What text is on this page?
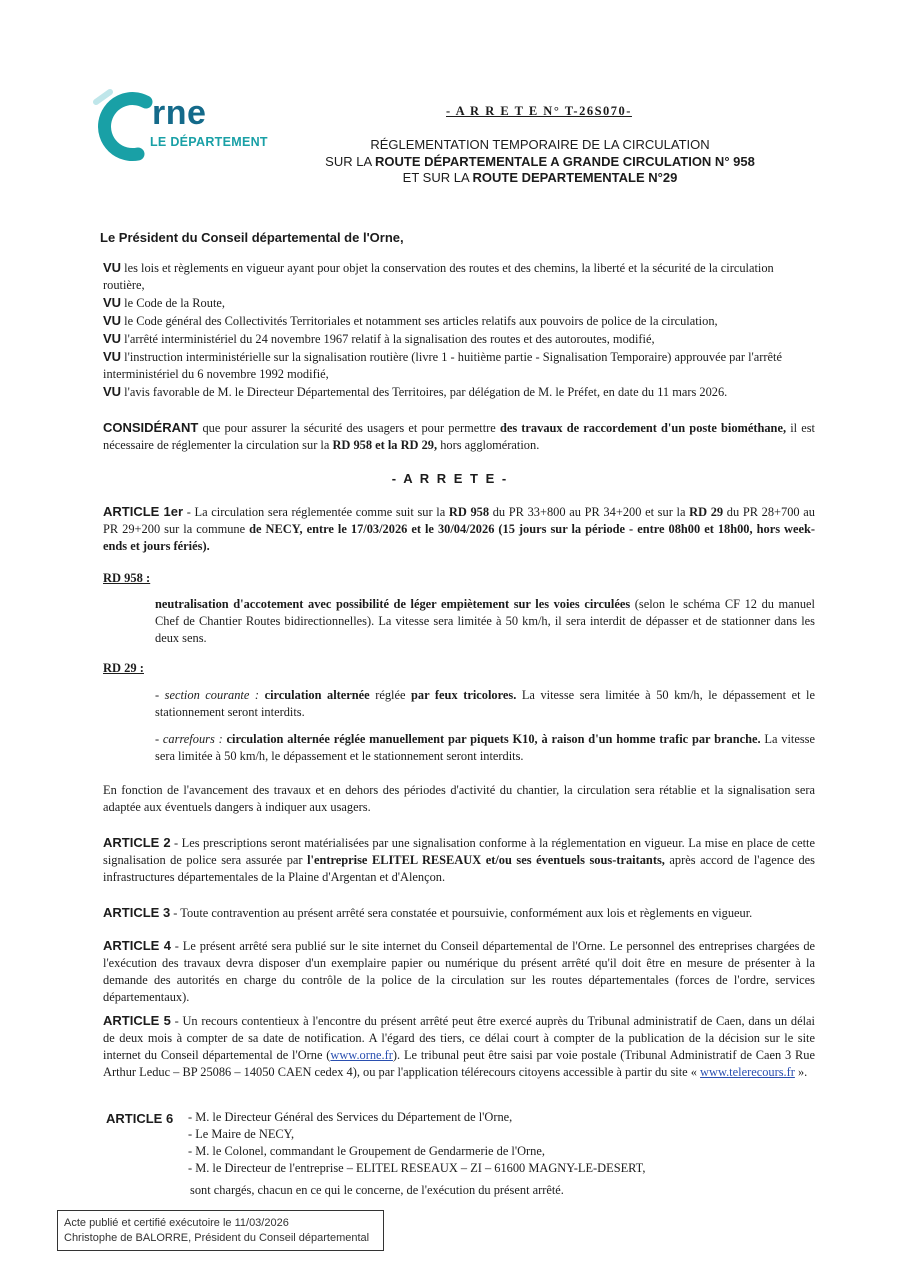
rne
LE DÉPARTEMENT
- A R R E T E N° T-26S070-
RÉGLEMENTATION TEMPORAIRE DE LA CIRCULATION
SUR LA ROUTE DÉPARTEMENTALE A GRANDE CIRCULATION N° 958
ET SUR LA ROUTE DEPARTEMENTALE N°29
Le Président du Conseil départemental de l'Orne,

VU les lois et règlements en vigueur ayant pour objet la conservation des routes et des chemins, la liberté et la sécurité de la circulation routière,

VU le Code de la Route,

VU le Code général des Collectivités Territoriales et notamment ses articles relatifs aux pouvoirs de police de la circulation,

VU l'arrêté interministériel du 24 novembre 1967 relatif à la signalisation des routes et des autoroutes, modifié,

VU l'instruction interministérielle sur la signalisation routière (livre 1 - huitième partie - Signalisation Temporaire) approuvée par l'arrêté interministériel du 6 novembre 1992 modifié,

VU l'avis favorable de M. le Directeur Départemental des Territoires, par délégation de M. le Préfet, en date du 11 mars 2026.

CONSIDÉRANT que pour assurer la sécurité des usagers et pour permettre des travaux de raccordement d'un poste biométhane, il est nécessaire de réglementer la circulation sur la RD 958 et la RD 29, hors agglomération.

- A R R E T E -

ARTICLE 1er - La circulation sera réglementée comme suit sur la RD 958 du PR 33+800 au PR 34+200 et sur la RD 29 du PR 28+700 au PR 29+200 sur la commune de NECY, entre le 17/03/2026 et le 30/04/2026 (15 jours sur la période - entre 08h00 et 18h00, hors week-ends et jours fériés).

RD 958 :

neutralisation d'accotement avec possibilité de léger empiètement sur les voies circulées (selon le schéma CF 12 du manuel Chef de Chantier Routes bidirectionnelles). La vitesse sera limitée à 50 km/h, il sera interdit de dépasser et de stationner dans les deux sens.

RD 29 :

- section courante : circulation alternée réglée par feux tricolores. La vitesse sera limitée à 50 km/h, le dépassement et le stationnement seront interdits.

- carrefours : circulation alternée réglée manuellement par piquets K10, à raison d'un homme trafic par branche. La vitesse sera limitée à 50 km/h, le dépassement et le stationnement seront interdits.

En fonction de l'avancement des travaux et en dehors des périodes d'activité du chantier, la circulation sera rétablie et la signalisation sera adaptée aux éventuels dangers à indiquer aux usagers.

ARTICLE 2 - Les prescriptions seront matérialisées par une signalisation conforme à la réglementation en vigueur. La mise en place de cette signalisation de police sera assurée par l'entreprise ELITEL RESEAUX et/ou ses éventuels sous-traitants, après accord de l'agence des infrastructures départementales de la Plaine d'Argentan et d'Alençon.

ARTICLE 3 - Toute contravention au présent arrêté sera constatée et poursuivie, conformément aux lois et règlements en vigueur.

ARTICLE 4 - Le présent arrêté sera publié sur le site internet du Conseil départemental de l'Orne. Le personnel des entreprises chargées de l'exécution des travaux devra disposer d'un exemplaire papier ou numérique du présent arrêté qu'il doit être en mesure de présenter à la demande des autorités en charge du contrôle de la police de la circulation sur les routes départementales (forces de l'ordre, services départementaux).

ARTICLE 5 - Un recours contentieux à l'encontre du présent arrêté peut être exercé auprès du Tribunal administratif de Caen, dans un délai de deux mois à compter de sa date de notification. A l'égard des tiers, ce délai court à compter de la publication de la décision sur le site internet du Conseil départemental de l'Orne (www.orne.fr). Le tribunal peut être saisi par voie postale (Tribunal Administratif de Caen 3 Rue Arthur Leduc – BP 25086 – 14050 CAEN cedex 4), ou par l'application télérecours citoyens accessible à partir du site « www.telerecours.fr ».

ARTICLE 6 - M. le Directeur Général des Services du Département de l'Orne,

- Le Maire de NECY,

- M. le Colonel, commandant le Groupement de Gendarmerie de l'Orne,

- M. le Directeur de l'entreprise – ELITEL RESEAUX – ZI – 61600 MAGNY-LE-DESERT,

sont chargés, chacun en ce qui le concerne, de l'exécution du présent arrêté.

Acte publié et certifié exécutoire le 11/03/2026
Christophe de BALORRE, Président du Conseil départemental
